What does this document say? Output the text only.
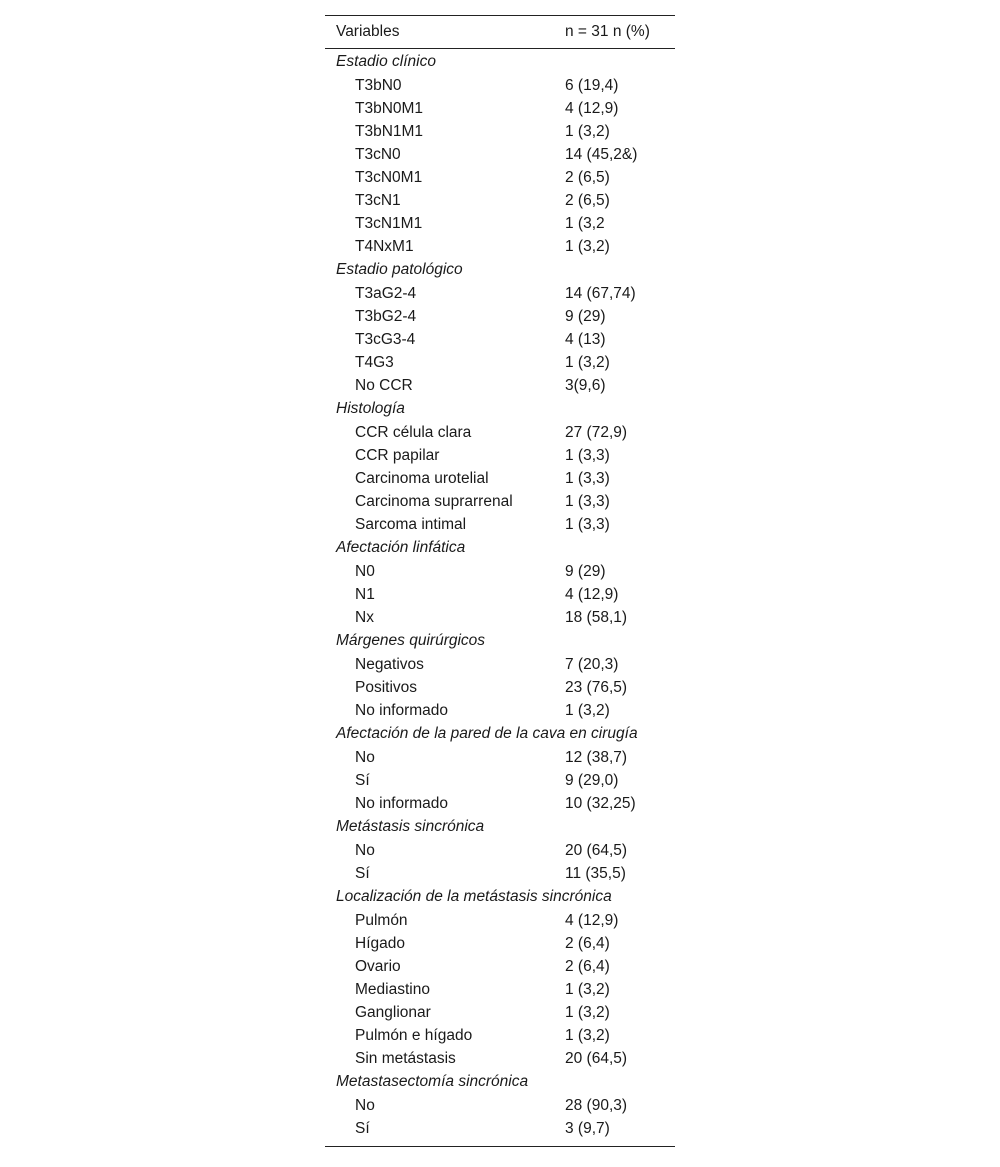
Variables	n = 31 n (%)
Estadio clínico
T3bN0	6 (19,4)
T3bN0M1	4 (12,9)
T3bN1M1	1 (3,2)
T3cN0	14 (45,2&)
T3cN0M1	2 (6,5)
T3cN1	2 (6,5)
T3cN1M1	1 (3,2
T4NxM1	1 (3,2)
Estadio patológico
T3aG2-4	14 (67,74)
T3bG2-4	9 (29)
T3cG3-4	4 (13)
T4G3	1 (3,2)
No CCR	3(9,6)
Histología
CCR célula clara	27 (72,9)
CCR papilar	1 (3,3)
Carcinoma urotelial	1 (3,3)
Carcinoma suprarrenal	1 (3,3)
Sarcoma intimal	1 (3,3)
Afectación linfática
N0	9 (29)
N1	4 (12,9)
Nx	18 (58,1)
Márgenes quirúrgicos
Negativos	7 (20,3)
Positivos	23 (76,5)
No informado	1 (3,2)
Afectación de la pared de la cava en cirugía
No	12 (38,7)
Sí	9 (29,0)
No informado	10 (32,25)
Metástasis sincrónica
No	20 (64,5)
Sí	11 (35,5)
Localización de la metástasis sincrónica
Pulmón	4 (12,9)
Hígado	2 (6,4)
Ovario	2 (6,4)
Mediastino	1 (3,2)
Ganglionar	1 (3,2)
Pulmón e hígado	1 (3,2)
Sin metástasis	20 (64,5)
Metastasectomía sincrónica
No	28 (90,3)
Sí	3 (9,7)
